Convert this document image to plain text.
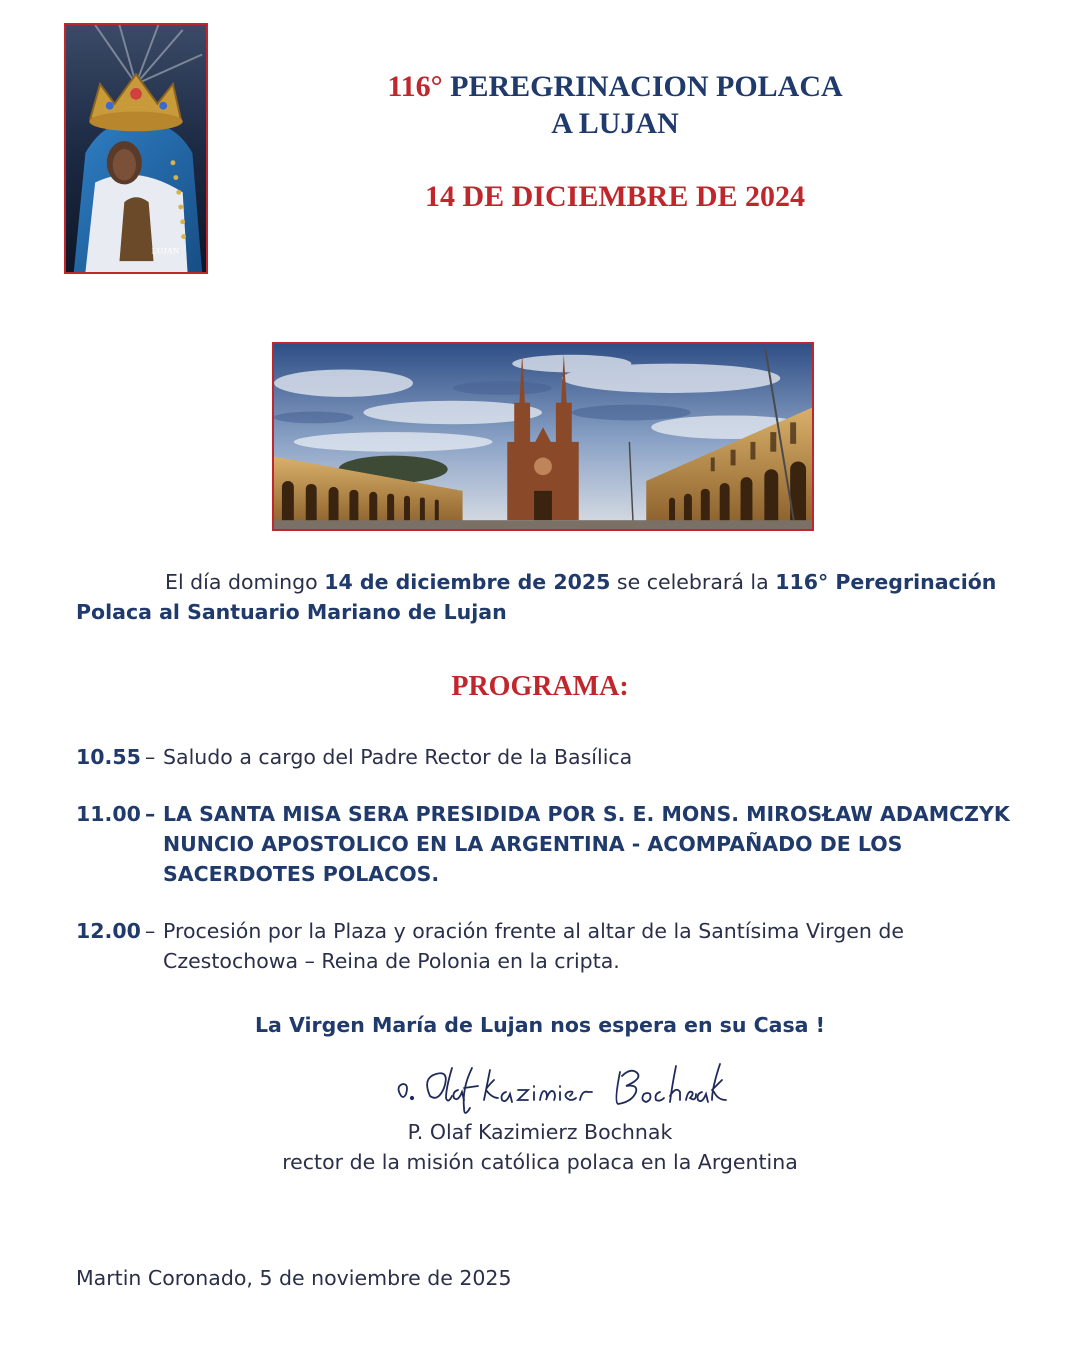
LUJAN
116° PEREGRINACION POLACA
A LUJAN
14 DE DICIEMBRE DE 2024
El día domingo 14 de diciembre de 2025 se celebrará la 116° Peregrinación
Polaca al Santuario Mariano de Lujan
PROGRAMA:
10.55 – Saludo a cargo del Padre Rector de la Basílica
11.00 – LA SANTA MISA SERA PRESIDIDA POR S. E. MONS. MIROSŁAW ADAMCZYK
NUNCIO APOSTOLICO EN LA ARGENTINA - ACOMPAÑADO DE LOS
SACERDOTES POLACOS.
12.00 – Procesión por la Plaza y oración frente al altar de la Santísima Virgen de
Czestochowa – Reina de Polonia en la cripta.
La Virgen María de Lujan nos espera en su Casa !
P. Olaf Kazimierz Bochnak
rector de la misión católica polaca en la Argentina
Martin Coronado, 5 de noviembre de 2025
